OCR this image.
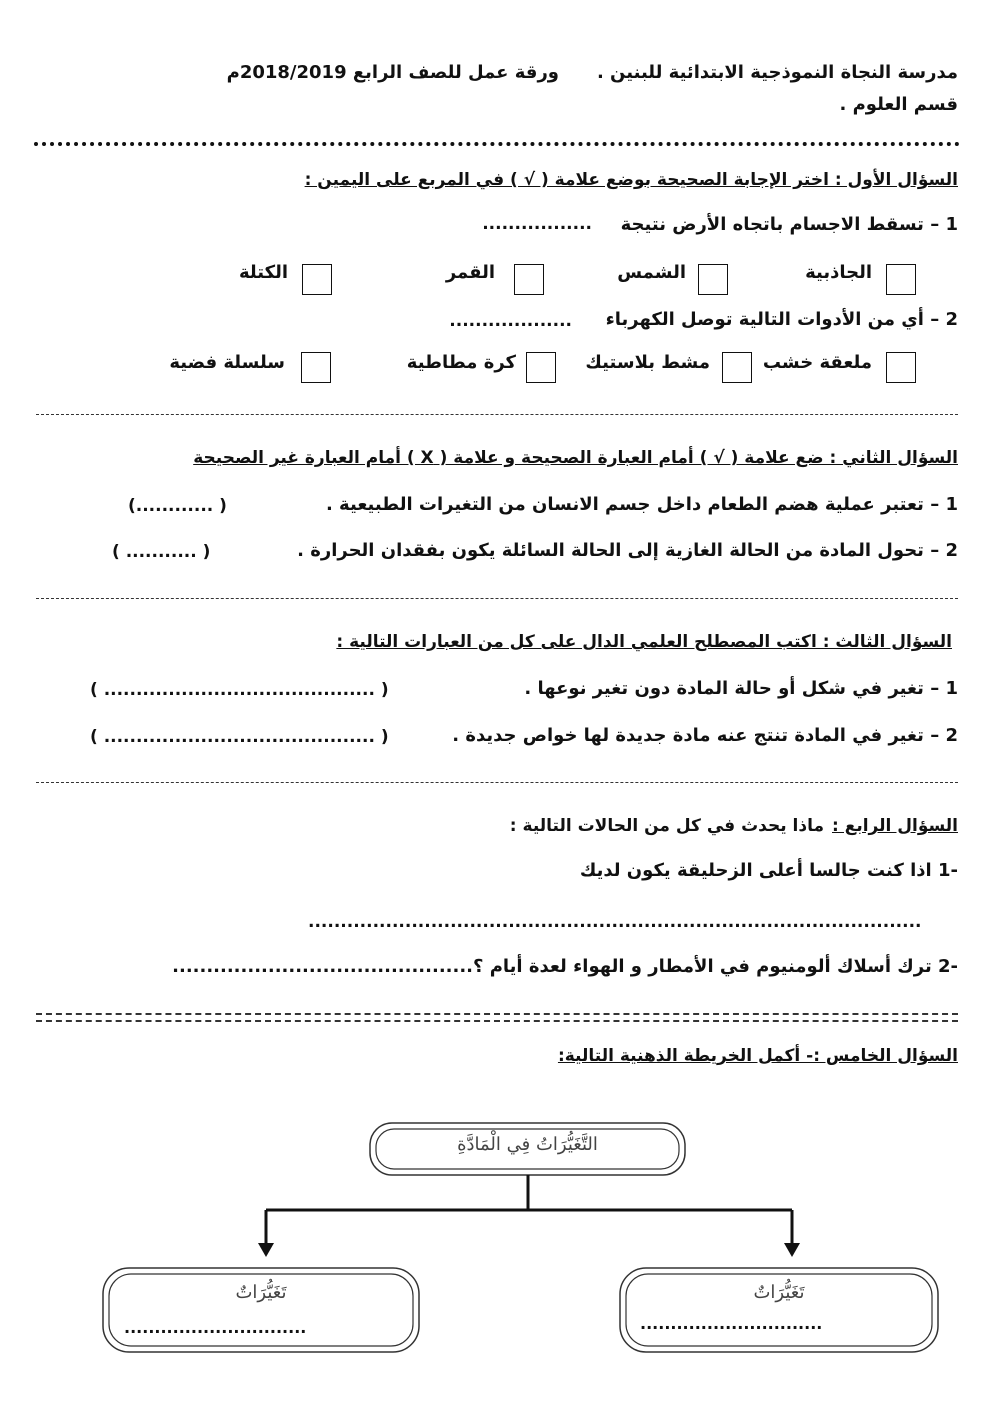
مدرسة النجاة النموذجية الابتدائية للبنين .
ورقة عمل للصف الرابع 2018/2019م
قسم العلوم .
السؤال الأول : اختر الإجابة الصحيحة بوضع علامة ( √ ) في المربع على اليمين :
1 – تسقط الاجسام باتجاه الأرض نتيجة
.................
الجاذبية
الشمس
القمر
الكتلة
2 – أي من الأدوات التالية توصل الكهرباء
...................
ملعقة خشب
مشط بلاستيك
كرة مطاطية
سلسلة فضية
السؤال الثاني : ضع علامة ( √ ) أمام العبارة الصحيحة و علامة ( X ) أمام العبارة غير الصحيحة
1 – تعتبر عملية هضم الطعام داخل جسم الانسان من التغيرات الطبيعية .
(............ )
2 – تحول المادة من الحالة الغازية إلى الحالة السائلة يكون بفقدان الحرارة .
( ........... )
السؤال الثالث : اكتب المصطلح العلمي الدال على كل من العبارات التالية :
1 – تغير في شكل أو حالة المادة دون تغير نوعها .
( .......................................... )
2 – تغير في المادة تنتج عنه مادة جديدة لها خواص جديدة .
( .......................................... )
السؤال الرابع :
ماذا يحدث في كل من الحالات التالية :
-1 اذا كنت جالسا أعلى الزحليقة يكون لديك
...............................................................................................
-2 ترك أسلاك ألومنيوم في الأمطار و الهواء لعدة أيام ؟............................................
السؤال الخامس :- أكمل الخريطة الذهنية التالية:
التَّغَيُّرَاتُ فِي الْمَادَّةِ
تَغَيُّرَاتٌ
..............................
تَغَيُّرَاتٌ
..............................
